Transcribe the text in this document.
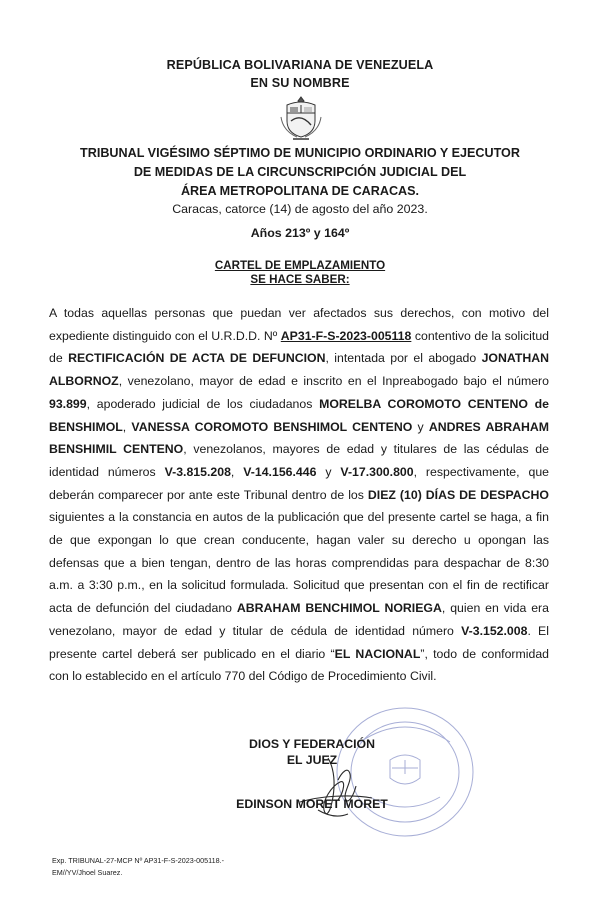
REPÚBLICA BOLIVARIANA DE VENEZUELA
EN SU NOMBRE
TRIBUNAL VIGÉSIMO SÉPTIMO DE MUNICIPIO ORDINARIO Y EJECUTOR
DE MEDIDAS DE LA CIRCUNSCRIPCIÓN JUDICIAL DEL
ÁREA METROPOLITANA DE CARACAS.
Caracas, catorce (14) de agosto del año 2023.
Años 213º y 164º
CARTEL DE EMPLAZAMIENTO
SE HACE SABER:
A todas aquellas personas que puedan ver afectados sus derechos, con motivo del expediente distinguido con el U.R.D.D. Nº AP31-F-S-2023-005118 contentivo de la solicitud de RECTIFICACIÓN DE ACTA DE DEFUNCION, intentada por el abogado JONATHAN ALBORNOZ, venezolano, mayor de edad e inscrito en el Inpreabogado bajo el número 93.899, apoderado judicial de los ciudadanos MORELBA COROMOTO CENTENO de BENSHIMOL, VANESSA COROMOTO BENSHIMOL CENTENO y ANDRES ABRAHAM BENSHIMIL CENTENO, venezolanos, mayores de edad y titulares de las cédulas de identidad números V-3.815.208, V-14.156.446 y V-17.300.800, respectivamente, que deberán comparecer por ante este Tribunal dentro de los DIEZ (10) DÍAS DE DESPACHO siguientes a la constancia en autos de la publicación que del presente cartel se haga, a fin de que expongan lo que crean conducente, hagan valer su derecho u opongan las defensas que a bien tengan, dentro de las horas comprendidas para despachar de 8:30 a.m. a 3:30 p.m., en la solicitud formulada. Solicitud que presentan con el fin de rectificar acta de defunción del ciudadano ABRAHAM BENCHIMOL NORIEGA, quien en vida era venezolano, mayor de edad y titular de cédula de identidad número V-3.152.008. El presente cartel deberá ser publicado en el diario “EL NACIONAL”, todo de conformidad con lo establecido en el artículo 770 del Código de Procedimiento Civil.
DIOS Y FEDERACIÓN
EL JUEZ
EDINSON MORET MORET
Exp. TRIBUNAL-27-MCP Nº AP31-F-S-2023-005118.-
EM//YV/Jhoel Suarez.
